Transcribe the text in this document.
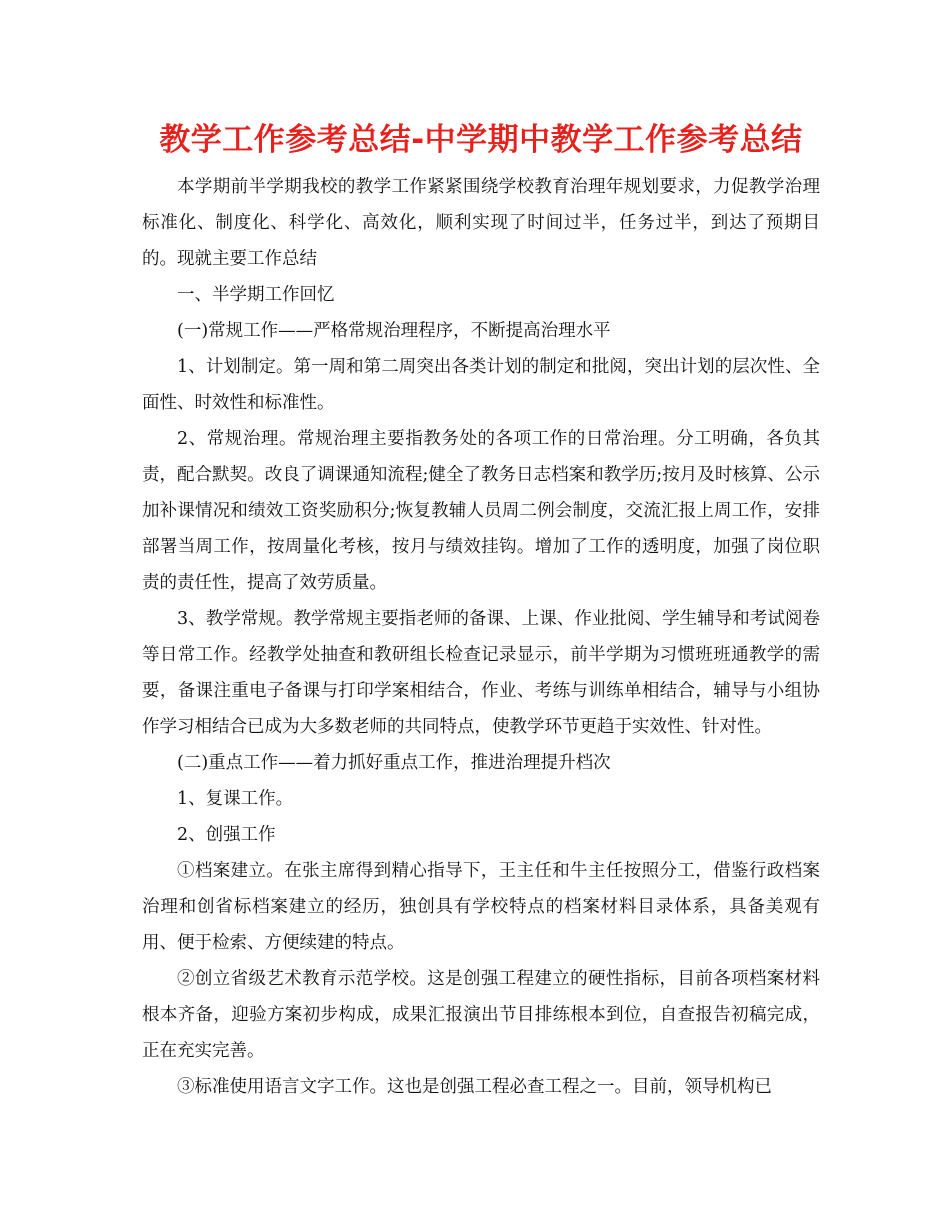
教学工作参考总结-中学期中教学工作参考总结

本学期前半学期我校的教学工作紧紧围绕学校教育治理年规划要求，力促教学治理标准化、制度化、科学化、高效化，顺利实现了时间过半，任务过半，到达了预期目的。现就主要工作总结

一、半学期工作回忆

(一)常规工作——严格常规治理程序，不断提高治理水平

1、计划制定。第一周和第二周突出各类计划的制定和批阅，突出计划的层次性、全面性、时效性和标准性。

2、常规治理。常规治理主要指教务处的各项工作的日常治理。分工明确，各负其责，配合默契。改良了调课通知流程;健全了教务日志档案和教学历;按月及时核算、公示加补课情况和绩效工资奖励积分;恢复教辅人员周二例会制度，交流汇报上周工作，安排部署当周工作，按周量化考核，按月与绩效挂钩。增加了工作的透明度，加强了岗位职责的责任性，提高了效劳质量。

3、教学常规。教学常规主要指老师的备课、上课、作业批阅、学生辅导和考试阅卷等日常工作。经教学处抽查和教研组长检查记录显示，前半学期为习惯班班通教学的需要，备课注重电子备课与打印学案相结合，作业、考练与训练单相结合，辅导与小组协作学习相结合已成为大多数老师的共同特点，使教学环节更趋于实效性、针对性。

(二)重点工作——着力抓好重点工作，推进治理提升档次

1、复课工作。

2、创强工作

①档案建立。在张主席得到精心指导下，王主任和牛主任按照分工，借鉴行政档案治理和创省标档案建立的经历，独创具有学校特点的档案材料目录体系，具备美观有用、便于检索、方便续建的特点。

②创立省级艺术教育示范学校。这是创强工程建立的硬性指标，目前各项档案材料根本齐备，迎验方案初步构成，成果汇报演出节目排练根本到位，自查报告初稿完成，正在充实完善。

③标准使用语言文字工作。这也是创强工程必查工程之一。目前，领导机构已
